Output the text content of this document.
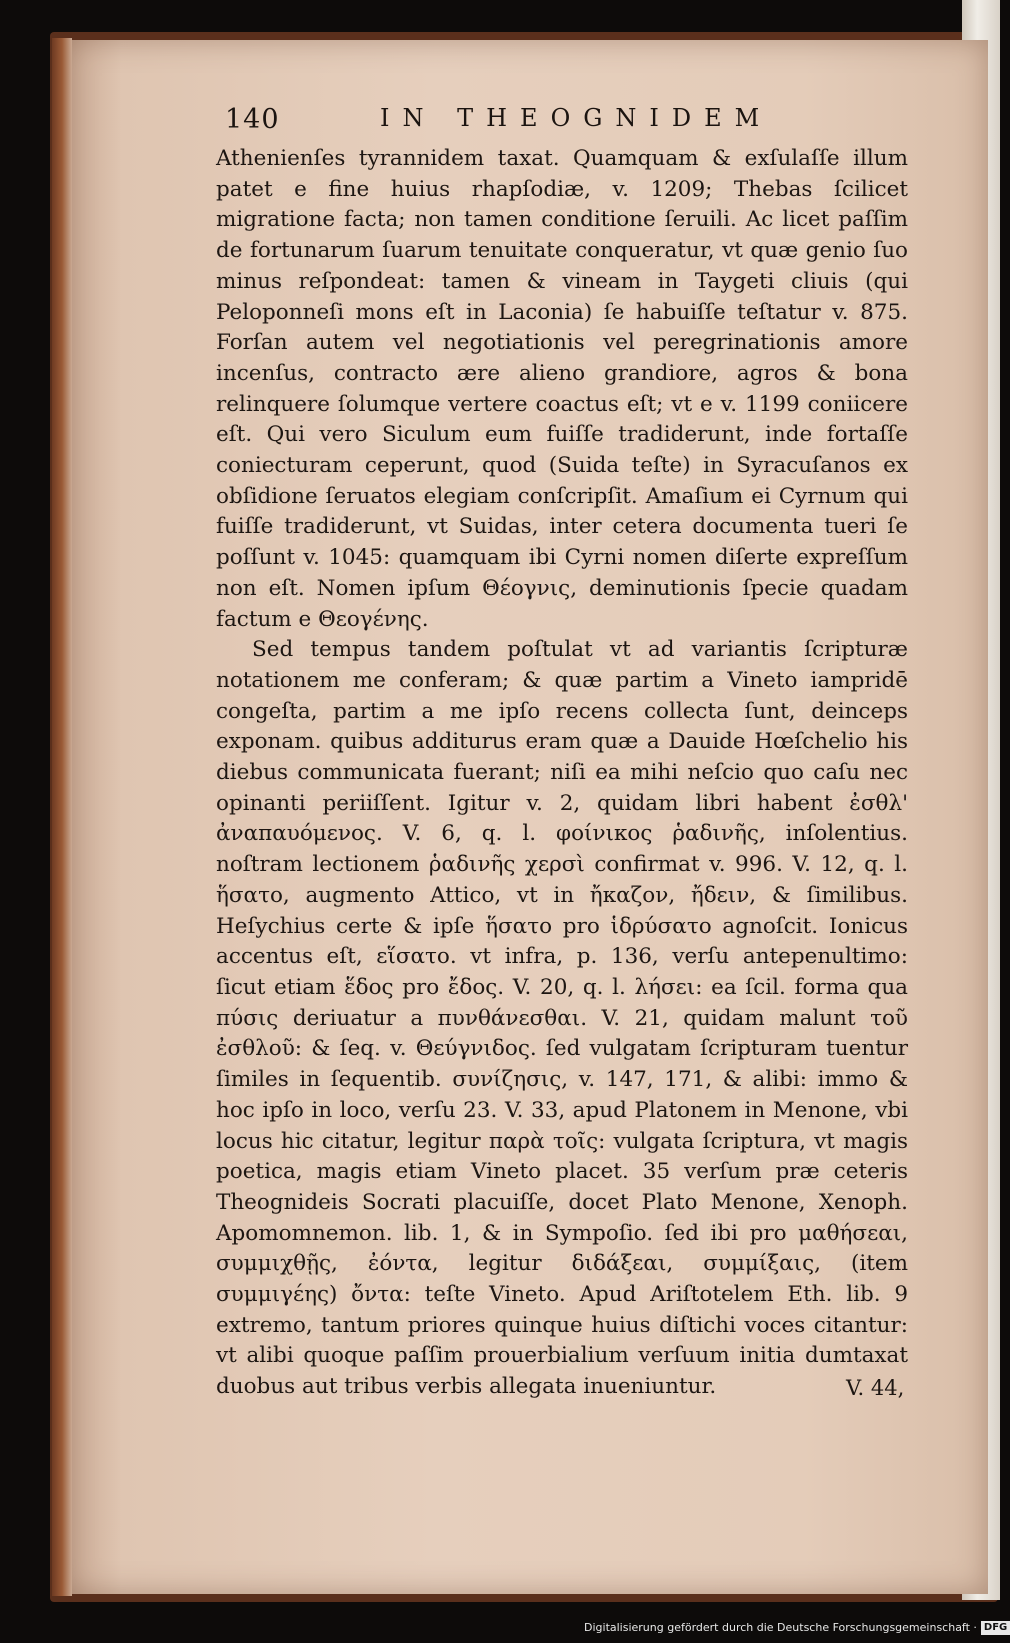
140	IN THEOGNIDEM

Athenienſes tyrannidem taxat. Quamquam & exſulaſſe illum patet e fine huius rhapſodiæ, v. 1209; Thebas ſcilicet migratione facta; non tamen conditione ſeruili. Ac licet paſſim de fortunarum ſuarum tenuitate conqueratur, vt quæ genio ſuo minus reſpondeat: tamen & vineam in Taygeti cliuis (qui Peloponneſi mons eſt in Laconia) ſe habuiſſe teſtatur v. 875. Forſan autem vel negotiationis vel peregrinationis amore incenſus, contracto ære alieno grandiore, agros & bona relinquere ſolumque vertere coactus eſt; vt e v. 1199 coniicere eſt. Qui vero Siculum eum fuiſſe tradiderunt, inde fortaſſe coniecturam ceperunt, quod (Suida teſte) in Syracuſanos ex obſidione ſeruatos elegiam conſcripſit. Amaſium ei Cyrnum qui fuiſſe tradiderunt, vt Suidas, inter cetera documenta tueri ſe poſſunt v. 1045: quamquam ibi Cyrni nomen diſerte expreſſum non eſt. Nomen ipſum Θέογνις, deminutionis ſpecie quadam factum e Θεογένης.

Sed tempus tandem poſtulat vt ad variantis ſcripturæ notationem me conferam; & quæ partim a Vineto iampridē congeſta, partim a me ipſo recens collecta ſunt, deinceps exponam. quibus additurus eram quæ a Dauide Hœſchelio his diebus communicata fuerant; niſi ea mihi neſcio quo caſu nec opinanti periiſſent. Igitur v. 2, quidam libri habent ἐσθλ' ἀναπαυόμενος. V. 6, q. l. φοίνικος ῥαδινῆς, inſolentius. noſtram lectionem ῥαδινῆς χερσὶ confirmat v. 996. V. 12, q. l. ἥσατο, augmento Attico, vt in ἤκαζον, ἤδειν, & ſimilibus. Heſychius certe & ipſe ἥσατο pro ἱδρύσατο agnoſcit. Ionicus accentus eſt, εἵσατο. vt infra, p. 136, verſu antepenultimo: ſicut etiam ἕδος pro ἔδος. V. 20, q. l. λήσει: ea ſcil. forma qua πύσις deriuatur a πυνθάνεσθαι. V. 21, quidam malunt τοῦ ἐσθλοῦ: & ſeq. v. Θεύγνιδος. ſed vulgatam ſcripturam tuentur ſimiles in ſequentib. συνίζησις, v. 147, 171, & alibi: immo & hoc ipſo in loco, verſu 23. V. 33, apud Platonem in Menone, vbi locus hic citatur, legitur παρὰ τοῖς: vulgata ſcriptura, vt magis poetica, magis etiam Vineto placet. 35 verſum præ ceteris Theognideis Socrati placuiſſe, docet Plato Menone, Xenoph. Apomomnemon. lib. 1, & in Sympoſio. ſed ibi pro μαθήσεαι, συμμιχθῇς, ἐόντα, legitur διδάξεαι, συμμίξαις, (item συμμιγέης) ὄντα: teſte Vineto. Apud Ariſtotelem Eth. lib. 9 extremo, tantum priores quinque huius diſtichi voces citantur: vt alibi quoque paſſim prouerbialium verſuum initia dumtaxat duobus aut tribus verbis allegata inueniuntur.	V. 44,
Digitalisierung gefördert durch die Deutsche Forschungsgemeinschaft · DFG
